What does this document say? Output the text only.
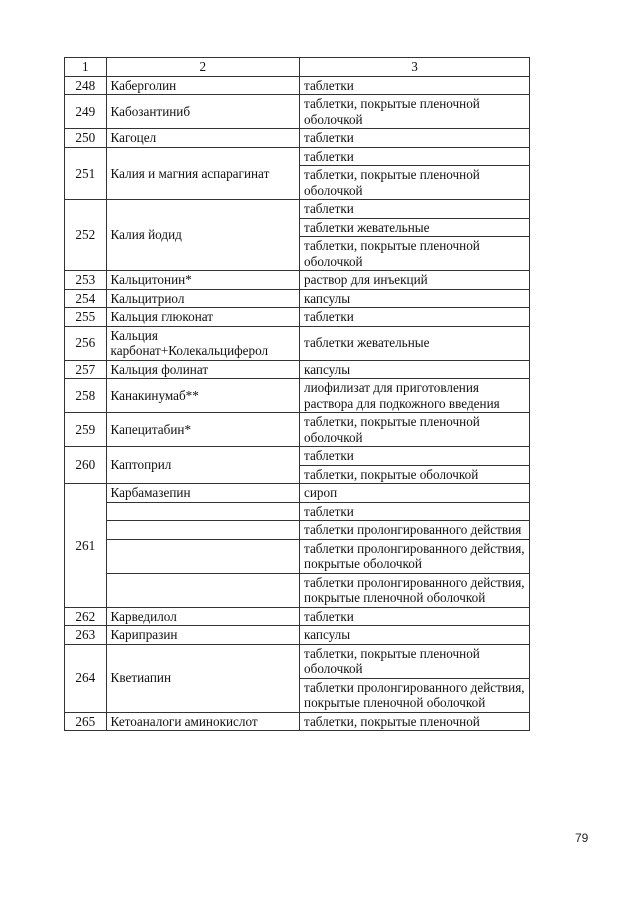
1	2	3
248	Каберголин	таблетки
249	Кабозантиниб	таблетки, покрытые пленочной оболочкой
250	Кагоцел	таблетки
251	Калия и магния аспарагинат	таблетки
		таблетки, покрытые пленочной оболочкой
252	Калия йодид	таблетки
		таблетки жевательные
		таблетки, покрытые пленочной оболочкой
253	Кальцитонин*	раствор для инъекций
254	Кальцитриол	капсулы
255	Кальция глюконат	таблетки
256	Кальция карбонат+Колекальциферол	таблетки жевательные
257	Кальция фолинат	капсулы
258	Канакинумаб**	лиофилизат для приготовления раствора для подкожного введения
259	Капецитабин*	таблетки, покрытые пленочной оболочкой
260	Каптоприл	таблетки
		таблетки, покрытые оболочкой
261	Карбамазепин	сироп
		таблетки
		таблетки пролонгированного действия
		таблетки пролонгированного действия, покрытые оболочкой
		таблетки пролонгированного действия, покрытые пленочной оболочкой
262	Карведилол	таблетки
263	Карипразин	капсулы
264	Кветиапин	таблетки, покрытые пленочной оболочкой
		таблетки пролонгированного действия, покрытые пленочной оболочкой
265	Кетоаналоги аминокислот	таблетки, покрытые пленочной
79
